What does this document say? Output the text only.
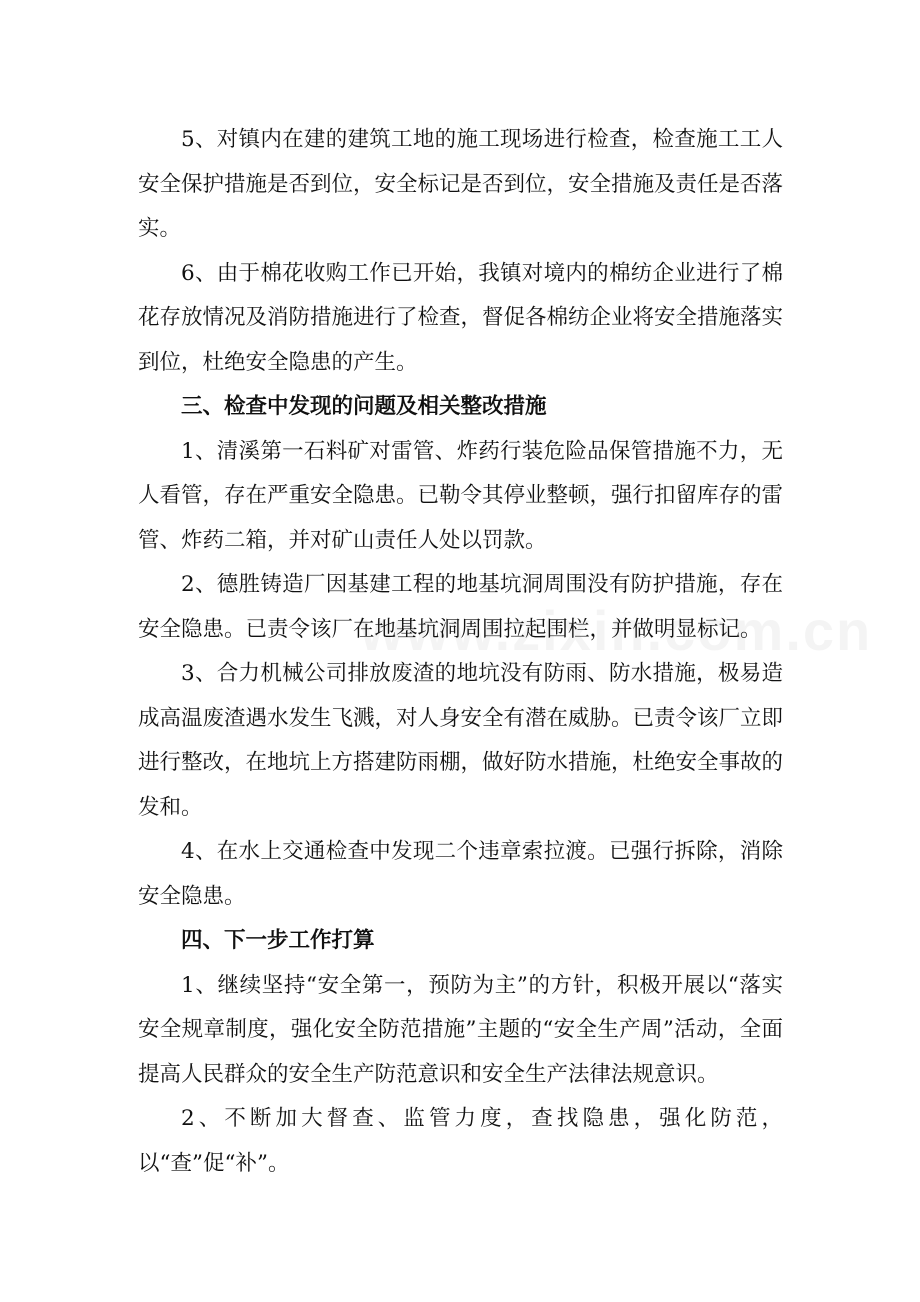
5、对镇内在建的建筑工地的施工现场进行检查，检查施工工人安全保护措施是否到位，安全标记是否到位，安全措施及责任是否落实。

6、由于棉花收购工作已开始，我镇对境内的棉纺企业进行了棉花存放情况及消防措施进行了检查，督促各棉纺企业将安全措施落实到位，杜绝安全隐患的产生。

三、检查中发现的问题及相关整改措施

1、清溪第一石料矿对雷管、炸药行装危险品保管措施不力，无人看管，存在严重安全隐患。已勒令其停业整顿，强行扣留库存的雷管、炸药二箱，并对矿山责任人处以罚款。

2、德胜铸造厂因基建工程的地基坑洞周围没有防护措施，存在安全隐患。已责令该厂在地基坑洞周围拉起围栏，并做明显标记。

3、合力机械公司排放废渣的地坑没有防雨、防水措施，极易造成高温废渣遇水发生飞溅，对人身安全有潜在威胁。已责令该厂立即进行整改，在地坑上方搭建防雨棚，做好防水措施，杜绝安全事故的发和。

4、在水上交通检查中发现二个违章索拉渡。已强行拆除，消除安全隐患。

四、下一步工作打算

1、继续坚持“安全第一，预防为主”的方针，积极开展以“落实安全规章制度，强化安全防范措施”主题的“安全生产周”活动，全面提高人民群众的安全生产防范意识和安全生产法律法规意识。

2、不断加大督查、监管力度，查找隐患，强化防范，以“查”促“补”。
